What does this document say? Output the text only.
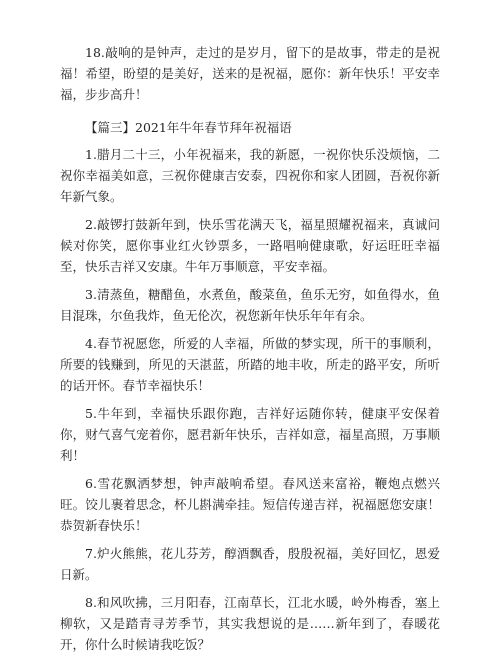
18.敲响的是钟声，走过的是岁月，留下的是故事，带走的是祝福！希望，盼望的是美好，送来的是祝福，愿你：新年快乐！平安幸福，步步高升！

【篇三】2021年牛年春节拜年祝福语

1.腊月二十三，小年祝福来，我的新愿，一祝你快乐没烦恼，二祝你幸福美如意，三祝你健康吉安泰，四祝你和家人团圆，吾祝你新年新气象。

2.敲锣打鼓新年到，快乐雪花满天飞，福星照耀祝福来，真诚问候对你笑，愿你事业红火钞票多，一路唱响健康歌，好运旺旺幸福至，快乐吉祥又安康。牛年万事顺意，平安幸福。

3.清蒸鱼，糖醋鱼，水煮鱼，酸菜鱼，鱼乐无穷，如鱼得水，鱼目混珠，尔鱼我炸，鱼无伦次，祝您新年快乐年年有余。

4.春节祝愿您，所爱的人幸福，所做的梦实现，所干的事顺利，所要的钱赚到，所见的天湛蓝，所踏的地丰收，所走的路平安，所听的话开怀。春节幸福快乐！

5.牛年到，幸福快乐跟你跑，吉祥好运随你转，健康平安保着你，财气喜气宠着你，愿君新年快乐，吉祥如意，福星高照，万事顺利！

6.雪花飘洒梦想，钟声敲响希望。春风送来富裕，鞭炮点燃兴旺。饺儿裹着思念，杯儿斟满牵挂。短信传递吉祥，祝福愿您安康！恭贺新春快乐！

7.炉火熊熊，花儿芬芳，醇酒飘香，殷殷祝福，美好回忆，恩爱日新。

8.和风吹拂，三月阳春，江南草长，江北水暖，岭外梅香，塞上柳软，又是踏青寻芳季节，其实我想说的是……新年到了，春暖花开，你什么时候请我吃饭？
